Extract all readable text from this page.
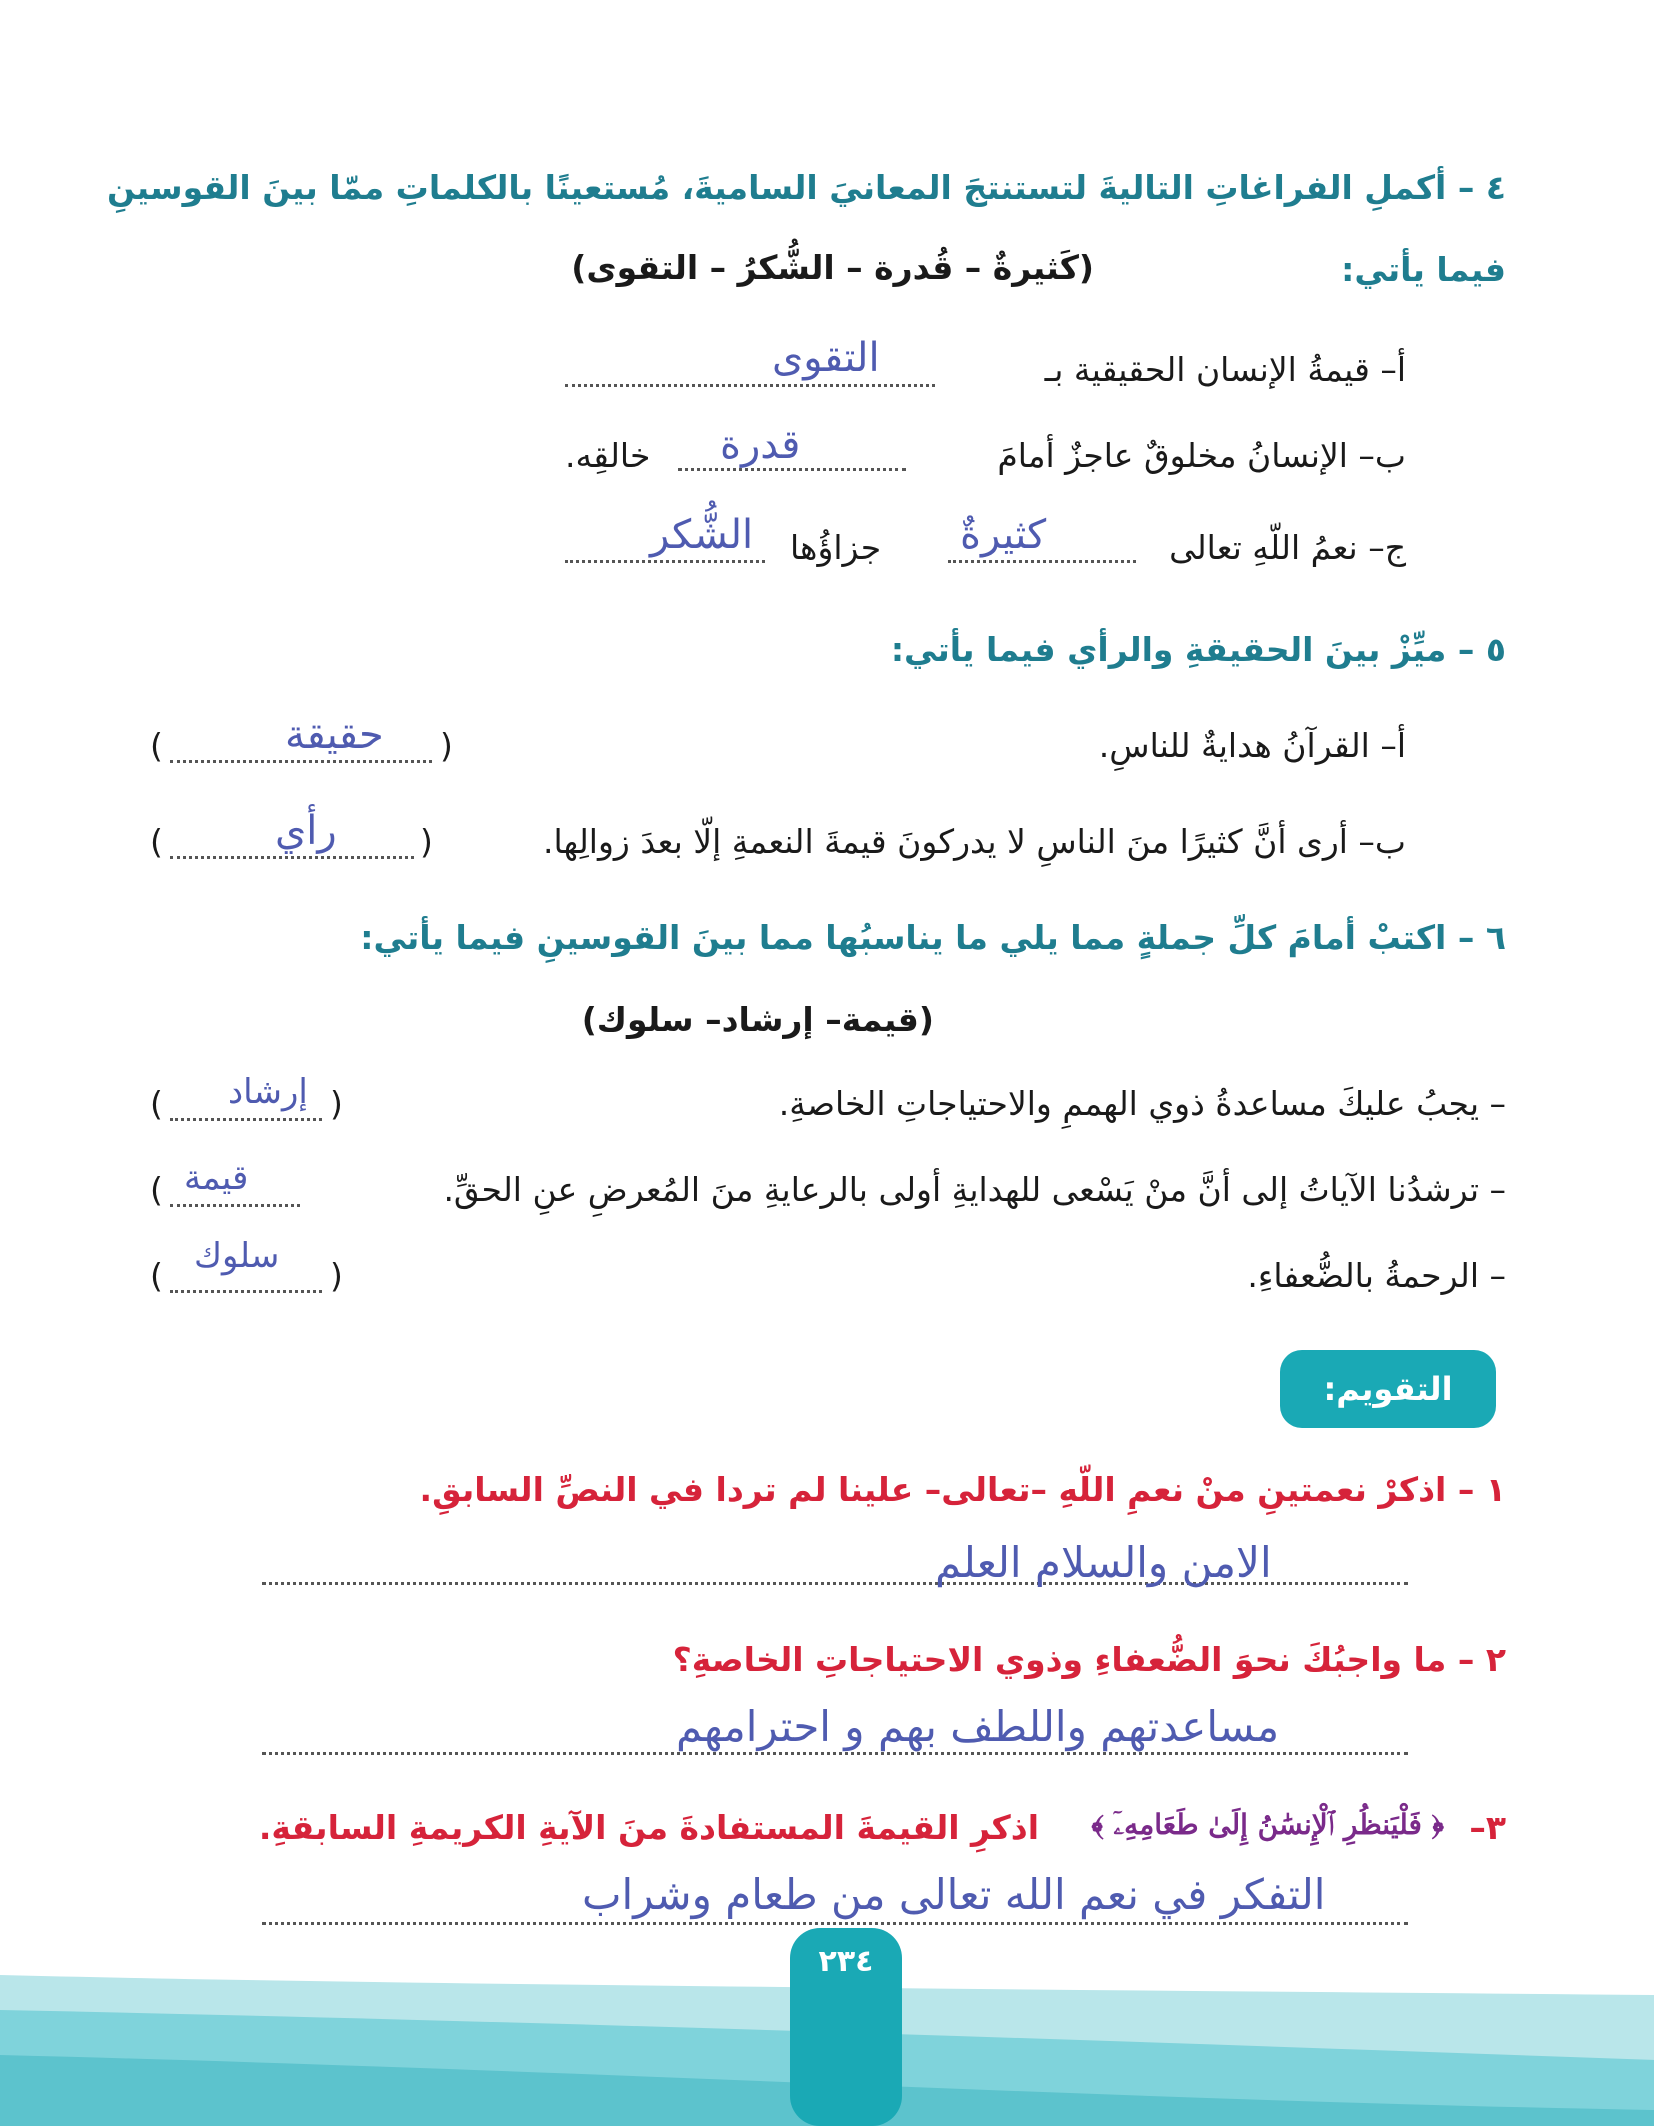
٤ – أكملِ الفراغاتِ التاليةَ لتستنتجَ المعانيَ الساميةَ، مُستعينًا بالكلماتِ ممّا بينَ القوسينِ
فيما يأتي:
(كَثيرةٌ – قُدرة – الشُّكرُ – التقوى)
أ– قيمةُ الإنسان الحقيقية بـ
التقوى
ب– الإنسانُ مخلوقٌ عاجزٌ أمامَ
قدرة
خالقِه.
ج– نعمُ اللّهِ تعالى
كثيرةٌ
جزاؤُها
الشُّكر
٥ – ميِّزْ بينَ الحقيقةِ والرأي فيما يأتي:
أ– القرآنُ هدايةٌ للناسِ.
(
حقيقة
)
ب– أرى أنَّ كثيرًا منَ الناسِ لا يدركونَ قيمةَ النعمةِ إلّا بعدَ زوالِها.
(
رأي
)
٦ – اكتبْ أمامَ كلِّ جملةٍ مما يلي ما يناسبُها مما بينَ القوسينِ فيما يأتي:
(قيمة– إرشاد– سلوك)
– يجبُ عليكَ مساعدةُ ذوي الهممِ والاحتياجاتِ الخاصةِ.
(
إرشاد
)
– ترشدُنا الآياتُ إلى أنَّ منْ يَسْعى للهدايةِ أولى بالرعايةِ منَ المُعرضِ عنِ الحقِّ.
قيمة
)
– الرحمةُ بالضُّعفاءِ.
(
سلوك
)
التقويم:
١ – اذكرْ نعمتينِ منْ نعمِ اللّهِ –تعالى– علينا لم تردا في النصِّ السابقِ.
الامن والسلام العلم
٢ – ما واجبُكَ نحوَ الضُّعفاءِ وذوي الاحتياجاتِ الخاصةِ؟
مساعدتهم واللطف بهم و احترامهم
٣–
﴿ فَلْيَنظُرِ ٱلْإِنسَٰنُ إِلَىٰ طَعَامِهِۦٓ ﴾
اذكرِ القيمةَ المستفادةَ منَ الآيةِ الكريمةِ السابقةِ.
التفكر في نعم الله تعالى من طعام وشراب
٢٣٤
